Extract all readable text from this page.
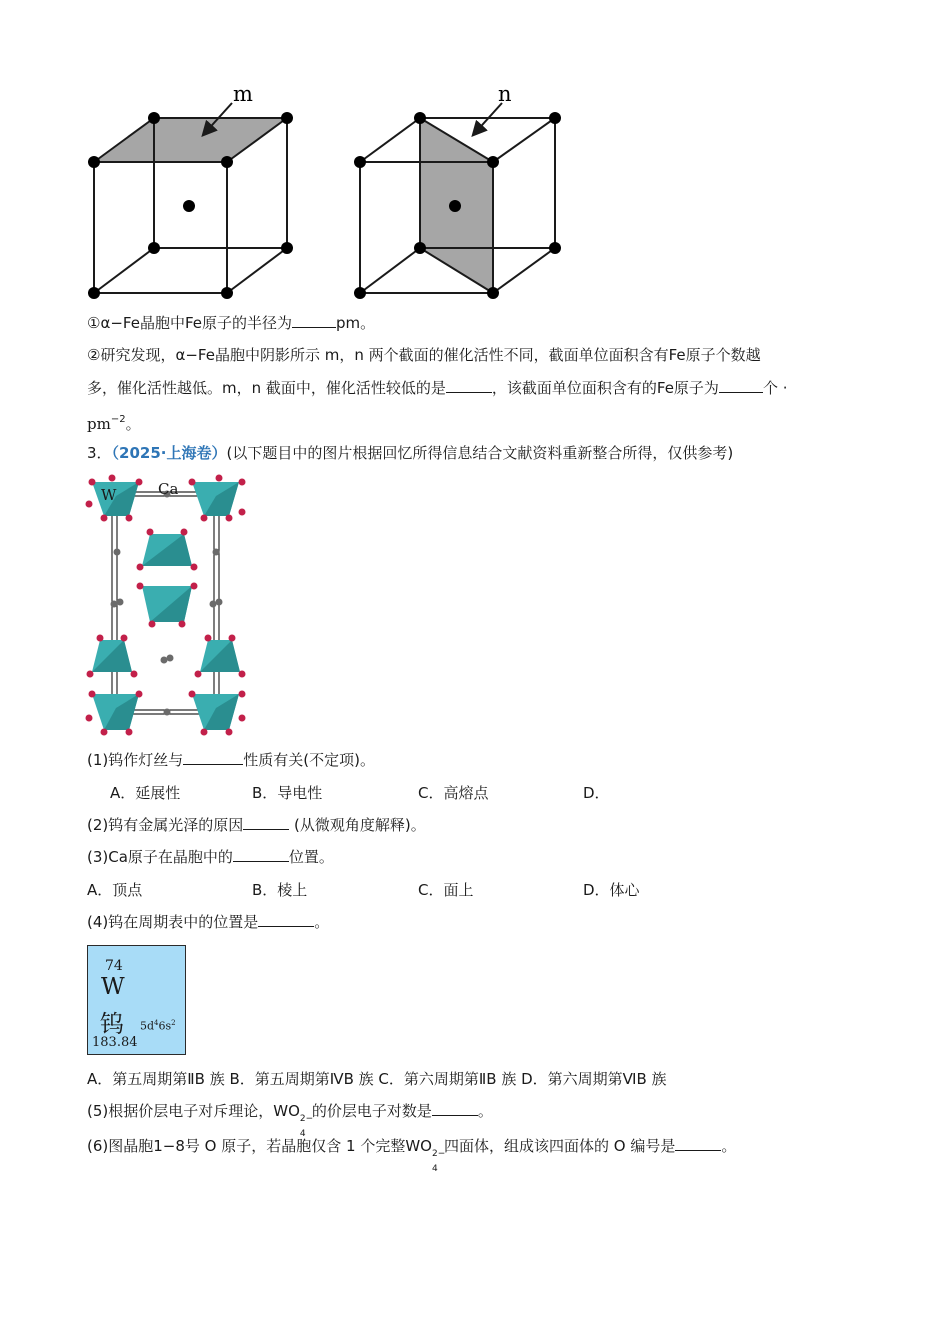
m	n
①α−Fe晶胞中Fe原子的半径为	pm。
②研究发现，α−Fe晶胞中阴影所示 m，n 两个截面的催化活性不同，截面单位面积含有Fe原子个数越
多，催化活性越低。m，n 截面中，催化活性较低的是	，该截面单位面积含有的Fe原子为	个 ·
$pm^{-2}$。
3．（2025·上海卷）(以下题目中的图片根据回忆所得信息结合文献资料重新整合所得，仅供参考)
W	Ca
(1)钨作灯丝与	性质有关(不定项)。
A．延展性	B．导电性	C．高熔点	D．
(2)钨有金属光泽的原因	(从微观角度解释)。
(3)Ca原子在晶胞中的	位置。
A．顶点	B．棱上	C．面上	D．体心
(4)钨在周期表中的位置是	。
74
W
钨 $5d^46s^2$
183.84
A．第五周期第ⅡB 族 B．第五周期第ⅣB 族 C．第六周期第ⅡB 族 D．第六周期第ⅥB 族
(5)根据价层电子对斥理论，WO 2−
4
的价层电子对数是	。
(6)图晶胞1−8号 O 原子，若晶胞仅含 1 个完整WO 2−
4
四面体，组成该四面体的 O 编号是	。
